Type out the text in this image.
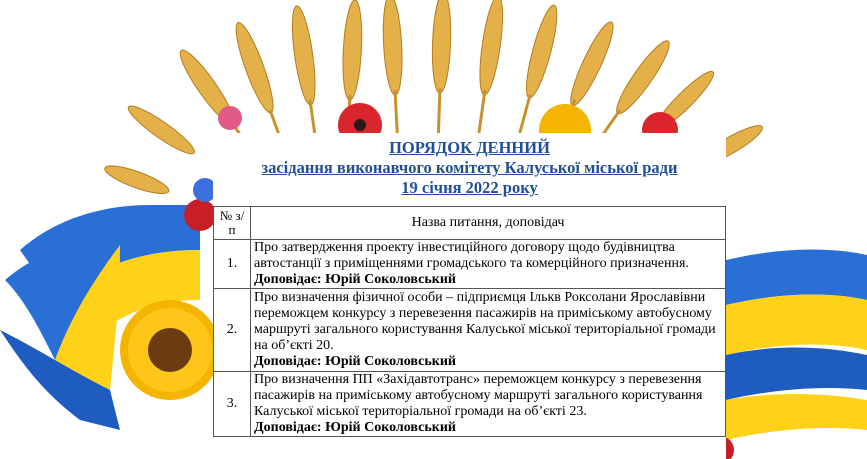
ПОРЯДОК ДЕННИЙ
засідання виконавчого комітету Калуської міської ради
19 січня 2022 року
№ з/п	Назва питання, доповідач
1.	Про затвердження проекту інвестиційного договору щодо будівництва автостанції з приміщеннями громадського та комерційного призначення.
Доповідає: Юрій Соколовський

2.	Про визначення фізичної особи – підприємця Ількв Роксолани Ярославівни переможцем конкурсу з перевезення пасажирів на приміському автобусному маршруті загального користування Калуської міської територіальної громади на об’єкті 20.
Доповідає: Юрій Соколовський

3.	Про визначення ПП «Західавтотранс» переможцем конкурсу з перевезення пасажирів на приміському автобусному маршруті загального користування Калуської міської територіальної громади на об’єкті 23.
Доповідає: Юрій Соколовський
